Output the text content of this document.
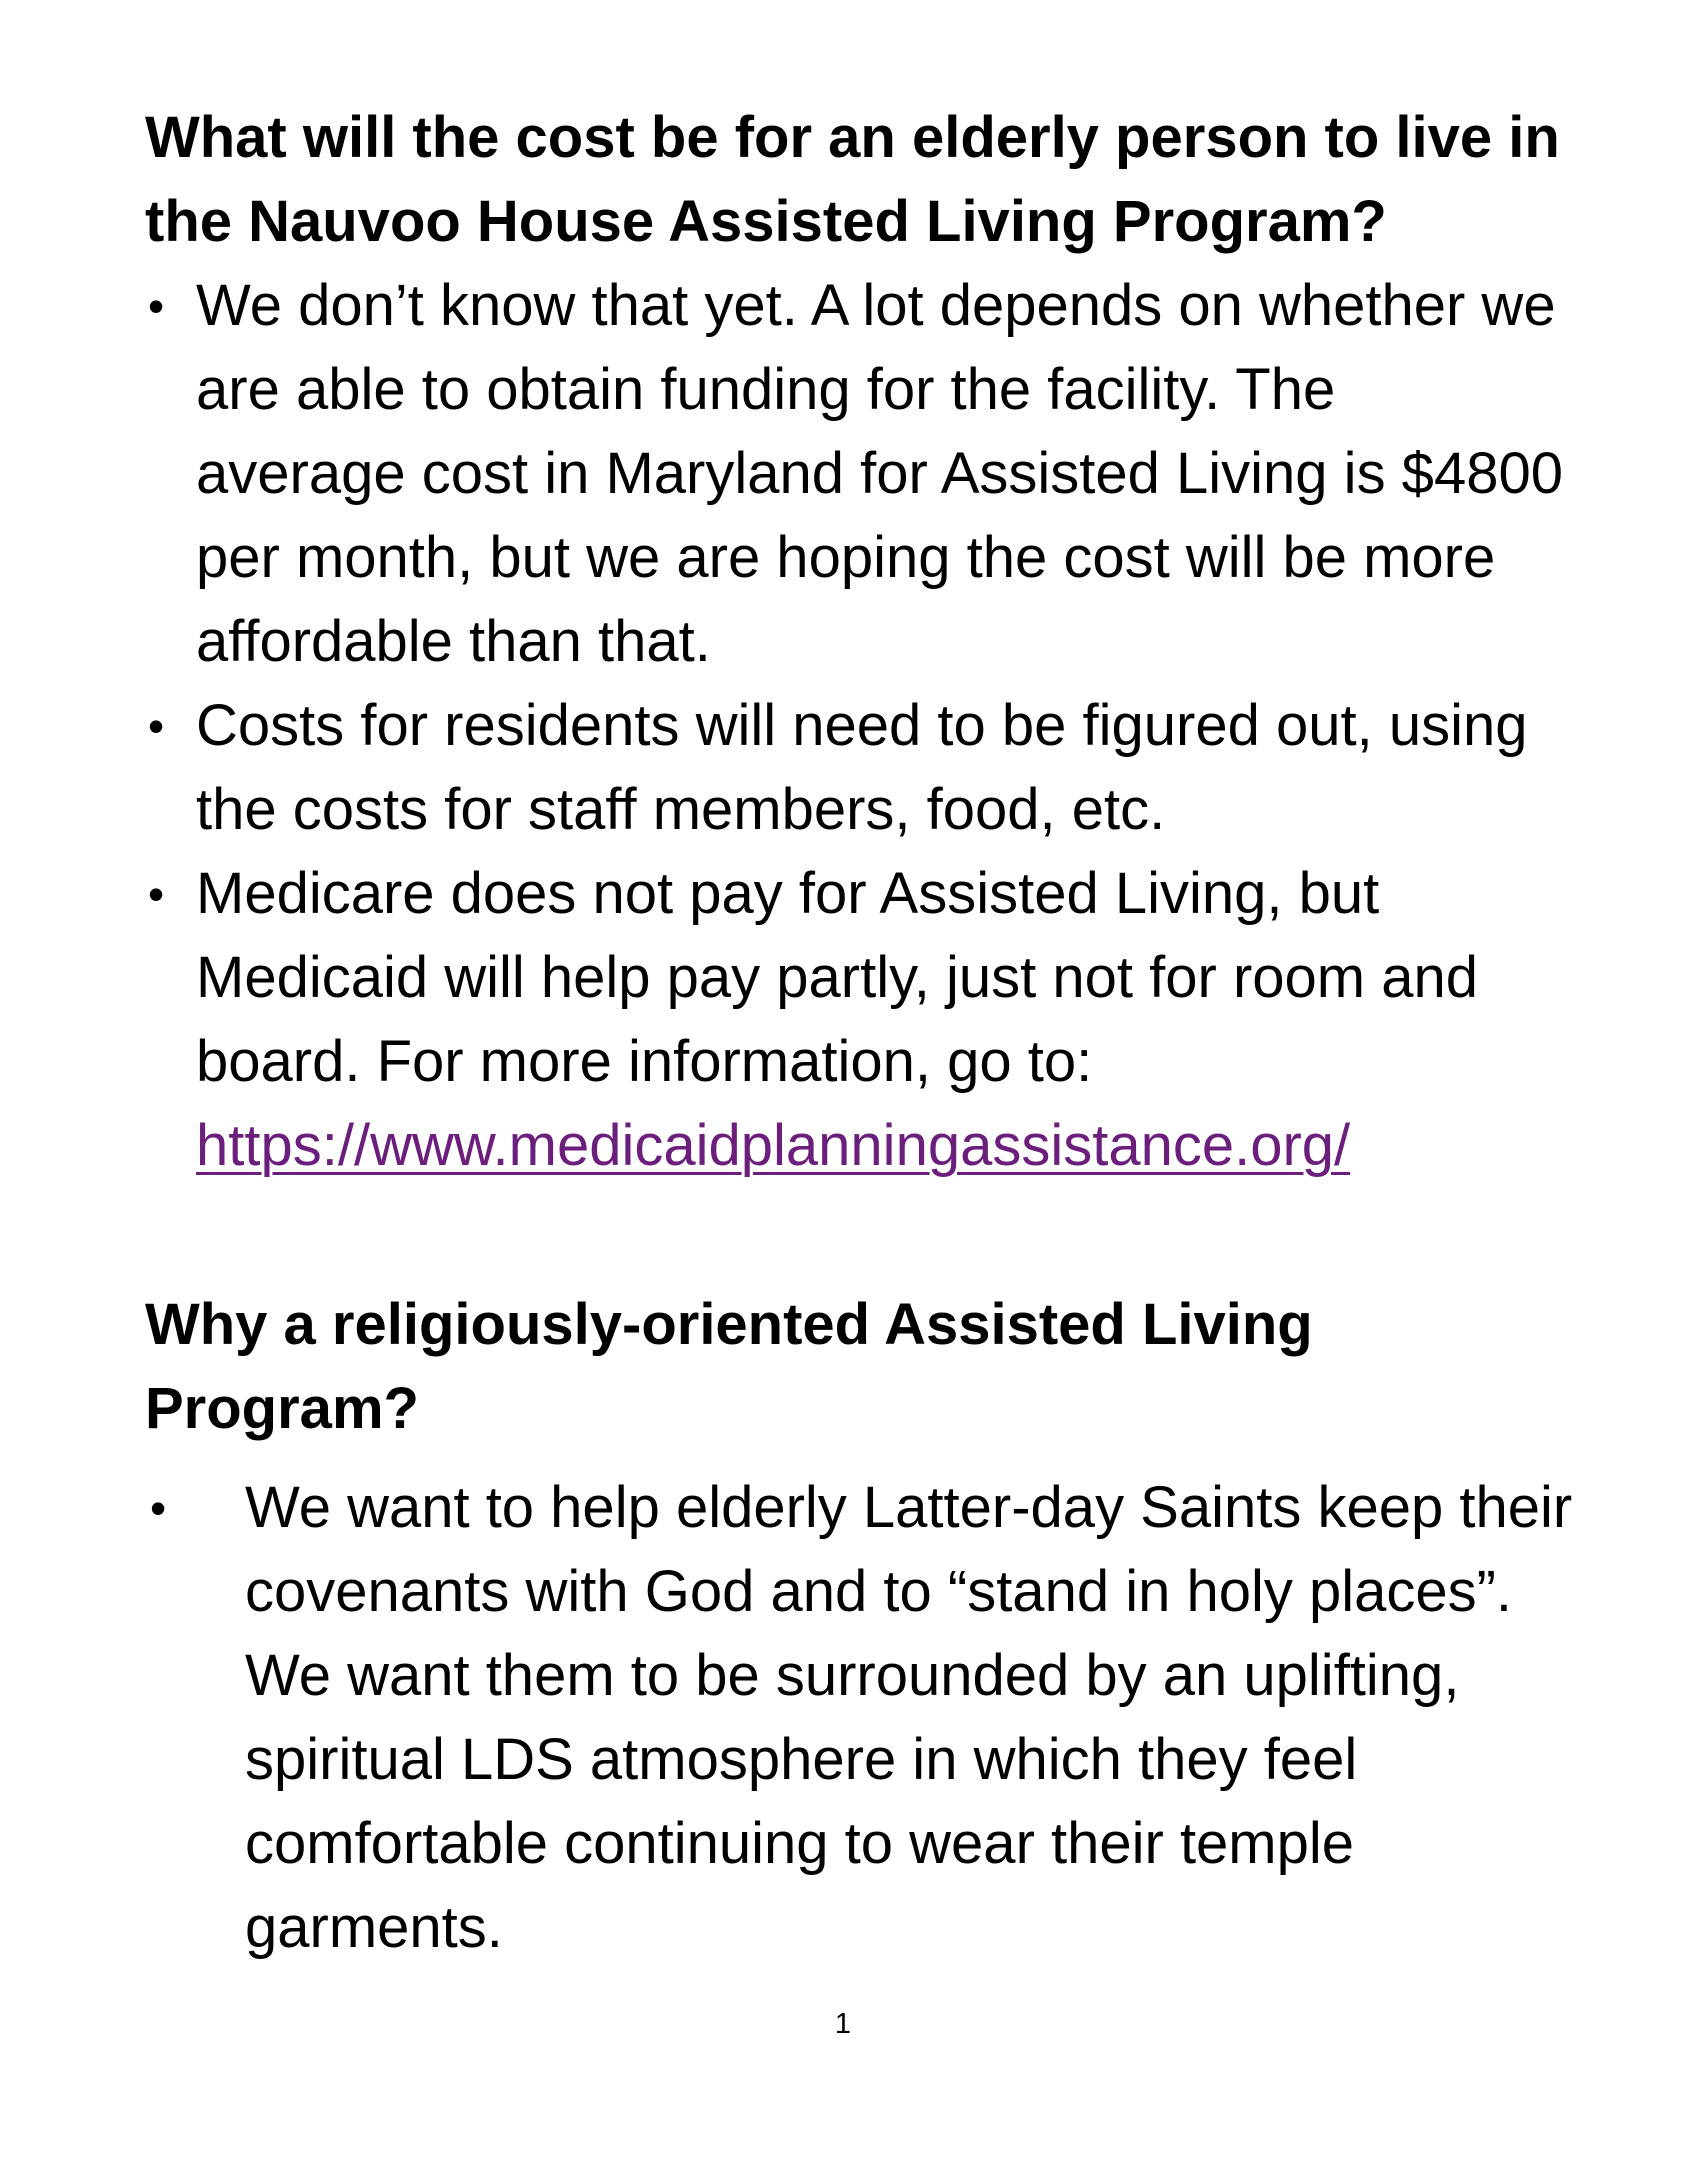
What will the cost be for an elderly person to live in
the Nauvoo House Assisted Living Program?
• We don’t know that yet. A lot depends on whether we
are able to obtain funding for the facility. The
average cost in Maryland for Assisted Living is $4800
per month, but we are hoping the cost will be more
affordable than that.
• Costs for residents will need to be figured out, using
the costs for staff members, food, etc.
• Medicare does not pay for Assisted Living, but
Medicaid will help pay partly, just not for room and
board. For more information, go to:
https://www.medicaidplanningassistance.org/
Why a religiously-oriented Assisted Living
Program?
• We want to help elderly Latter-day Saints keep their
covenants with God and to “stand in holy places”.
We want them to be surrounded by an uplifting,
spiritual LDS atmosphere in which they feel
comfortable continuing to wear their temple
garments.
1
